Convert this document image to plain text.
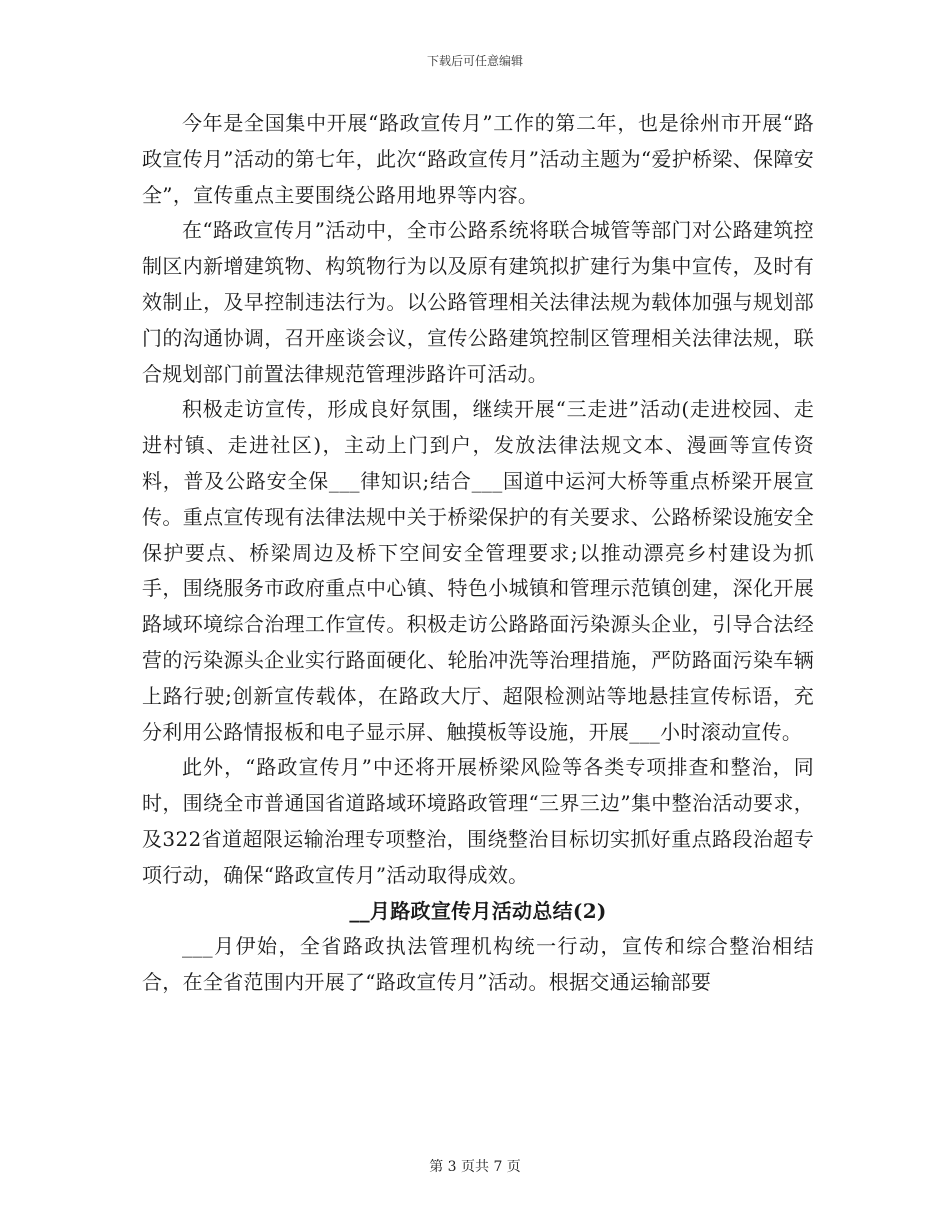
下载后可任意编辑

今年是全国集中开展“路政宣传月”工作的第二年，也是徐州市开展“路政宣传月”活动的第七年，此次“路政宣传月”活动主题为“爱护桥梁、保障安全”，宣传重点主要围绕公路用地界等内容。

在“路政宣传月”活动中，全市公路系统将联合城管等部门对公路建筑控制区内新增建筑物、构筑物行为以及原有建筑拟扩建行为集中宣传，及时有效制止，及早控制违法行为。以公路管理相关法律法规为载体加强与规划部门的沟通协调，召开座谈会议，宣传公路建筑控制区管理相关法律法规，联合规划部门前置法律规范管理涉路许可活动。

积极走访宣传，形成良好氛围，继续开展“三走进”活动(走进校园、走进村镇、走进社区)，主动上门到户，发放法律法规文本、漫画等宣传资料，普及公路安全保___律知识;结合___国道中运河大桥等重点桥梁开展宣传。重点宣传现有法律法规中关于桥梁保护的有关要求、公路桥梁设施安全保护要点、桥梁周边及桥下空间安全管理要求;以推动漂亮乡村建设为抓手，围绕服务市政府重点中心镇、特色小城镇和管理示范镇创建，深化开展路域环境综合治理工作宣传。积极走访公路路面污染源头企业，引导合法经营的污染源头企业实行路面硬化、轮胎冲洗等治理措施，严防路面污染车辆上路行驶;创新宣传载体，在路政大厅、超限检测站等地悬挂宣传标语，充分利用公路情报板和电子显示屏、触摸板等设施，开展___小时滚动宣传。

此外，“路政宣传月”中还将开展桥梁风险等各类专项排查和整治，同时，围绕全市普通国省道路域环境路政管理“三界三边”集中整治活动要求，及322省道超限运输治理专项整治，围绕整治目标切实抓好重点路段治超专项行动，确保“路政宣传月”活动取得成效。

__月路政宣传月活动总结(2)

___月伊始，全省路政执法管理机构统一行动，宣传和综合整治相结合，在全省范围内开展了“路政宣传月”活动。根据交通运输部要

第 3 页共 7 页
